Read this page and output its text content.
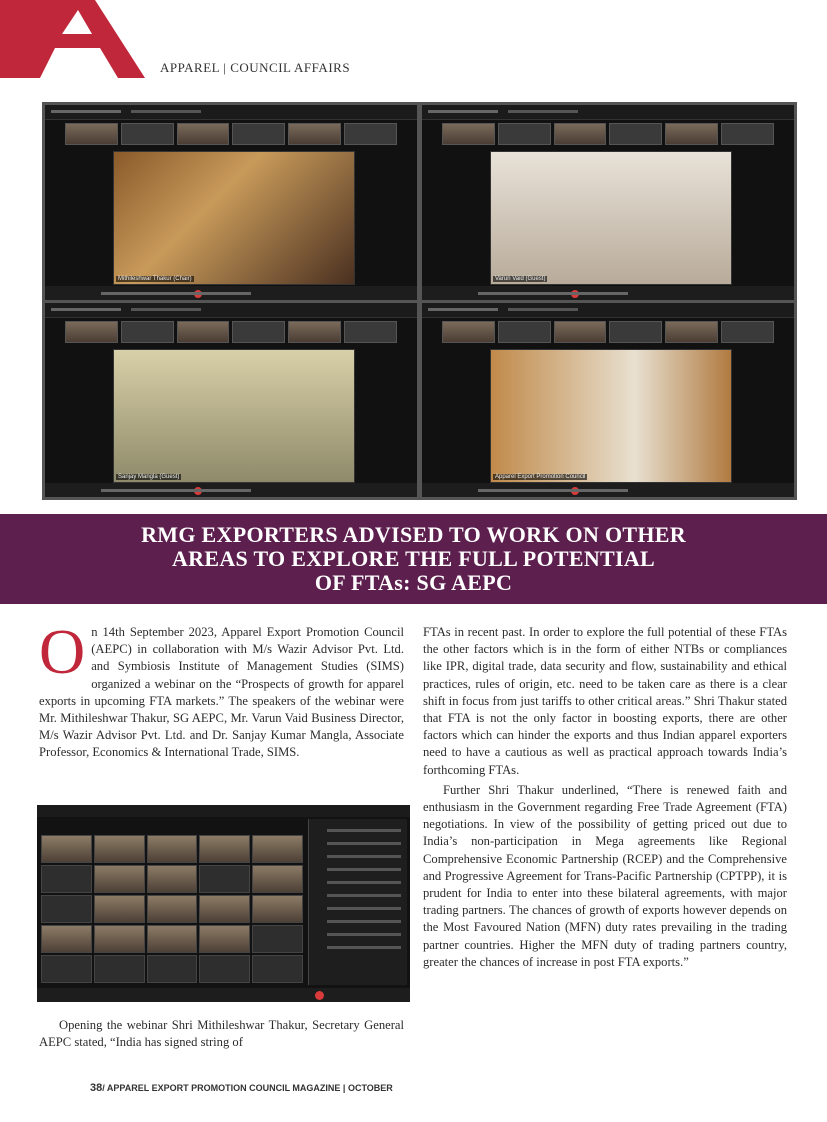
APPAREL | COUNCIL AFFAIRS
Mithileshwar Thakur (Chair)	Varun Vaid (Guest)
Sanjay Mangla (Guest)	Apparel Export Promotion Council
RMG EXPORTERS ADVISED TO WORK ON OTHER
AREAS TO EXPLORE THE FULL POTENTIAL
OF FTAs: SG AEPC

On 14th September 2023, Apparel Export Promotion Council (AEPC) in collaboration with M/s Wazir Advisor Pvt. Ltd. and Symbiosis Institute of Management Studies (SIMS) organized a webinar on the “Prospects of growth for apparel exports in upcoming FTA markets.” The speakers of the webinar were Mr. Mithileshwar Thakur, SG AEPC, Mr. Varun Vaid Business Director, M/s Wazir Advisor Pvt. Ltd. and Dr. Sanjay Kumar Mangla, Associate Professor, Economics & International Trade, SIMS.

Opening the webinar Shri Mithileshwar Thakur, Secretary General AEPC stated, “India has signed string of

FTAs in recent past. In order to explore the full potential of these FTAs the other factors which is in the form of either NTBs or compliances like IPR, digital trade, data security and flow, sustainability and ethical practices, rules of origin, etc. need to be taken care as there is a clear shift in focus from just tariffs to other critical areas.” Shri Thakur stated that FTA is not the only factor in boosting exports, there are other factors which can hinder the exports and thus Indian apparel exporters need to have a cautious as well as practical approach towards India’s forthcoming FTAs.

Further Shri Thakur underlined, “There is renewed faith and enthusiasm in the Government regarding Free Trade Agreement (FTA) negotiations. In view of the possibility of getting priced out due to India’s non-participation in Mega agreements like Regional Comprehensive Economic Partnership (RCEP) and the Comprehensive and Progressive Agreement for Trans-Pacific Partnership (CPTPP), it is prudent for India to enter into these bilateral agreements, with major trading partners. The chances of growth of exports however depends on the Most Favoured Nation (MFN) duty rates prevailing in the trading partner countries. Higher the MFN duty of trading partners country, greater the chances of increase in post FTA exports.”

38/ APPAREL EXPORT PROMOTION COUNCIL MAGAZINE | OCTOBER
